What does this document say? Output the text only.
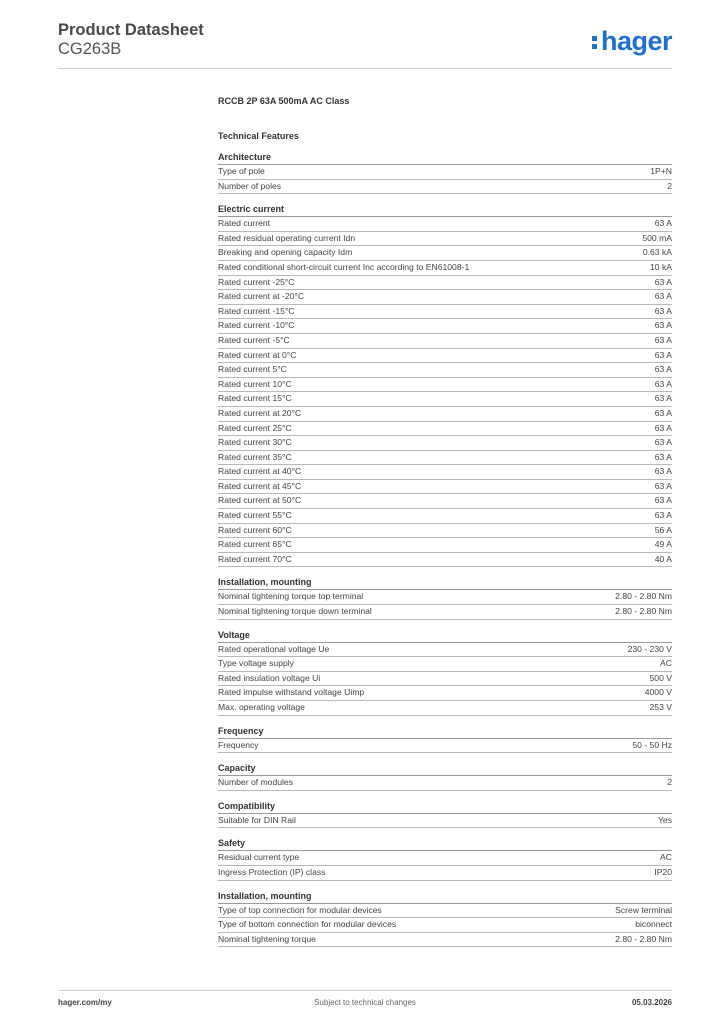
Product Datasheet
CG263B	hager
RCCB 2P 63A 500mA AC Class
Technical Features
Architecture
Type of pole	1P+N
Number of poles	2
Electric current
Rated current	63 A
Rated residual operating current Idn	500 mA
Breaking and opening capacity Idm	0.63 kA
Rated conditional short-circuit current Inc according to EN61008-1	10 kA
Rated current -25°C	63 A
Rated current at -20°C	63 A
Rated current -15°C	63 A
Rated current -10°C	63 A
Rated current -5°C	63 A
Rated current at 0°C	63 A
Rated current 5°C	63 A
Rated current 10°C	63 A
Rated current 15°C	63 A
Rated current at 20°C	63 A
Rated current 25°C	63 A
Rated current 30°C	63 A
Rated current 35°C	63 A
Rated current at 40°C	63 A
Rated current at 45°C	63 A
Rated current at 50°C	63 A
Rated current 55°C	63 A
Rated current 60°C	56 A
Rated current 65°C	49 A
Rated current 70°C	40 A
Installation, mounting
Nominal tightening torque top terminal	2.80 - 2.80 Nm
Nominal tightening torque down terminal	2.80 - 2.80 Nm
Voltage
Rated operational voltage Ue	230 - 230 V
Type voltage supply	AC
Rated insulation voltage Ui	500 V
Rated impulse withstand voltage Uimp	4000 V
Max. operating voltage	253 V
Frequency
Frequency	50 - 50 Hz
Capacity
Number of modules	2
Compatibility
Suitable for DIN Rail	Yes
Safety
Residual current type	AC
Ingress Protection (IP) class	IP20
Installation, mounting
Type of top connection for modular devices	Screw terminal
Type of bottom connection for modular devices	biconnect
Nominal tightening torque	2.80 - 2.80 Nm
hager.com/my	Subject to technical changes	05.03.2026
